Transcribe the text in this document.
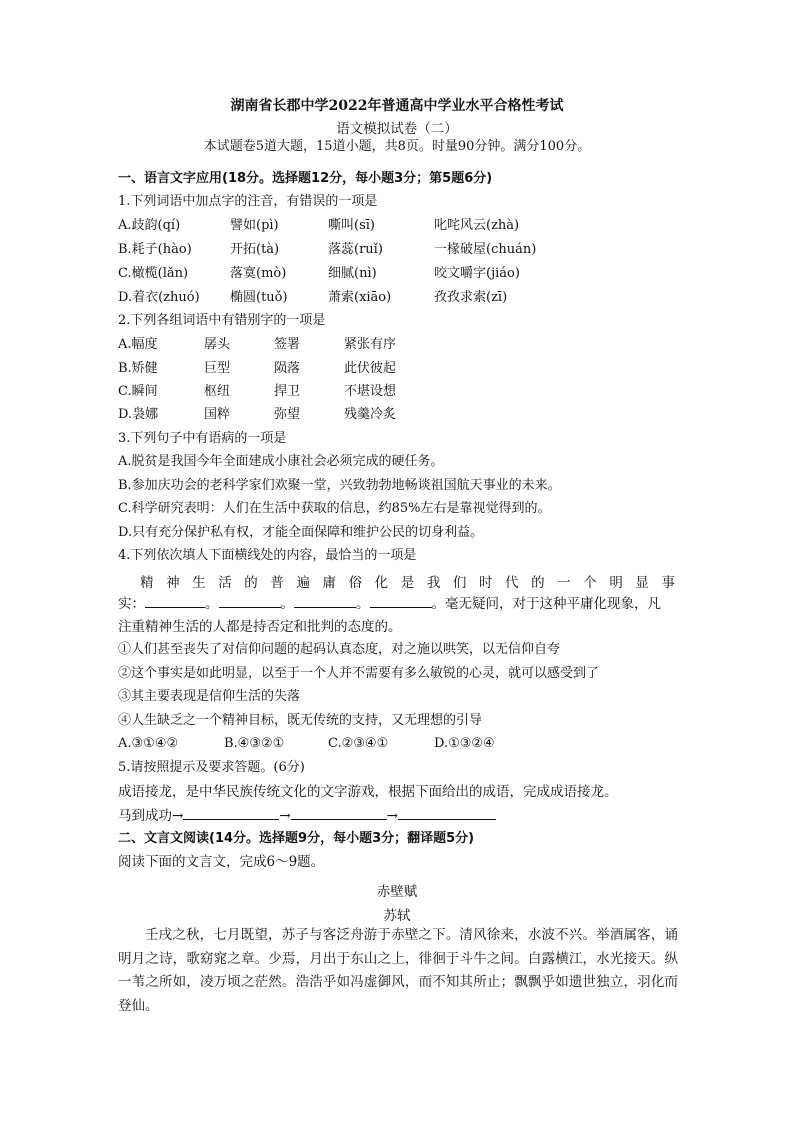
湖南省长郡中学2022年普通高中学业水平合格性考试
语文模拟试卷（二）
本试题卷5道大题，15道小题，共8页。时量90分钟。满分100分。
一、语言文字应用(18分。选择题12分，每小题3分；第5题6分)
1.下列词语中加点字的注音，有错误的一项是
A.歧韵(qí)	譬如(pì)	嘶叫(sī)	叱咤风云(zhà)
B.耗子(hào)	开拓(tà)	落蕊(ruǐ)	一椽破屋(chuán)
C.橄榄(lǎn)	落寞(mò)	细腻(nì)	咬文嚼字(jiáo)
D.着衣(zhuó) 椭圆(tuǒ)	萧索(xiāo)	孜孜求索(zī)
2.下列各组词语中有错别字的一项是
A.幅度	孱头	签署	紧张有序
B.矫健	巨型	陨落	此伏彼起
C.瞬间	枢纽	捍卫	不堪设想
D.袅娜	国粹	弥望	残羹冷炙
3.下列句子中有语病的一项是
A.脱贫是我国今年全面建成小康社会必须完成的硬任务。
B.参加庆功会的老科学家们欢聚一堂，兴致勃勃地畅谈祖国航天事业的未来。
C.科学研究表明：人们在生活中获取的信息，约85%左右是靠视觉得到的。
D.只有充分保护私有权，才能全面保障和维护公民的切身利益。
4.下列依次填人下面横线处的内容，最恰当的一项是
精神生活的普遍庸俗化是我们时代的一个明显事
实：	。	。	。	。毫无疑问，对于这种平庸化现象，凡
注重精神生活的人都是持否定和批判的态度的。
①人们甚至丧失了对信仰问题的起码认真态度，对之施以哄笑，以无信仰自夸
②这个事实是如此明显，以至于一个人并不需要有多么敏锐的心灵，就可以感受到了
③其主要表现是信仰生活的失落
④人生缺乏之一个精神目标，既无传统的支持，又无理想的引导
A.③①④②	B.④③②①	C.②③④①	D.①③②④
5.请按照提示及要求答题。(6分)
成语接龙，是中华民族传统文化的文字游戏，根据下面给出的成语，完成成语接龙。
马到成功→	→	→
二、文言文阅读(14分。选择题9分，每小题3分；翻译题5分)
阅读下面的文言文，完成6～9题。
赤壁赋
苏轼
壬戌之秋，七月既望，苏子与客泛舟游于赤壁之下。清风徐来，水波不兴。举酒属客，诵明月之诗，歌窈窕之章。少焉，月出于东山之上，徘徊于斗牛之间。白露横江，水光接天。纵一苇之所如，凌万顷之茫然。浩浩乎如冯虚御风，而不知其所止；飘飘乎如遗世独立，羽化而登仙。
